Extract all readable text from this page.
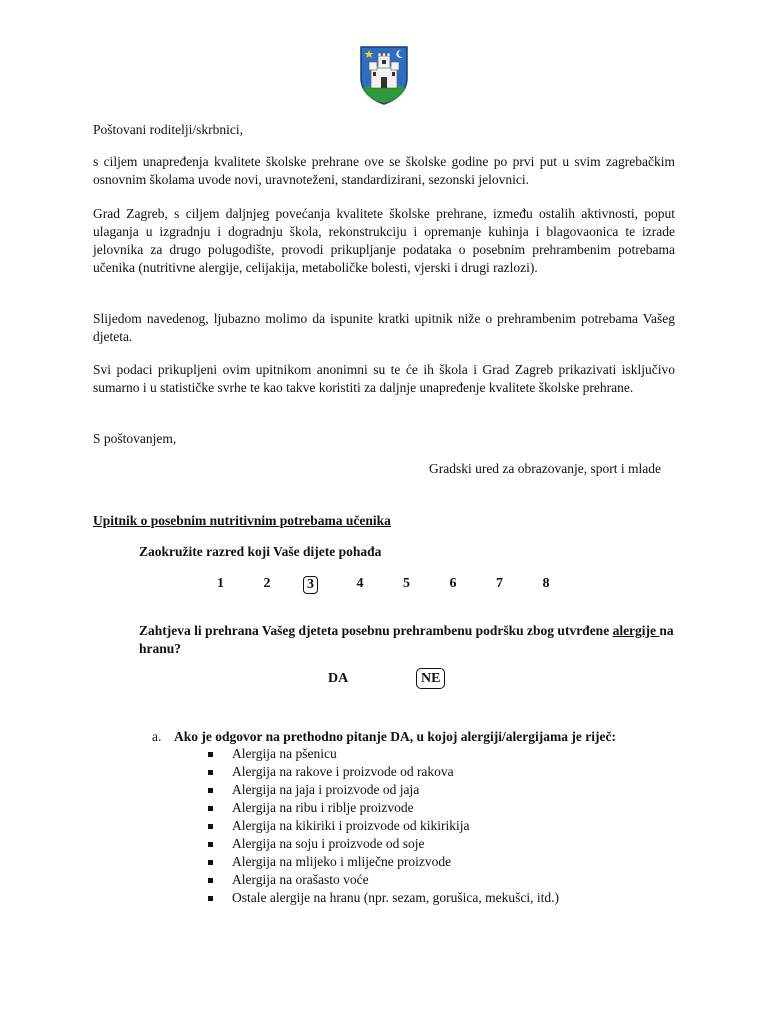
Poštovani roditelji/skrbnici,

s ciljem unapređenja kvalitete školske prehrane ove se školske godine po prvi put u svim zagrebačkim osnovnim školama uvode novi, uravnoteženi, standardizirani, sezonski jelovnici.

Grad Zagreb, s ciljem daljnjeg povećanja kvalitete školske prehrane, između ostalih aktivnosti, poput ulaganja u izgradnju i dogradnju škola, rekonstrukciju i opremanje kuhinja i blagovaonica te izrade jelovnika za drugo polugodište, provodi prikupljanje podataka o posebnim prehrambenim potrebama učenika (nutritivne alergije, celijakija, metaboličke bolesti, vjerski i drugi razlozi).

Slijedom navedenog, ljubazno molimo da ispunite kratki upitnik niže o prehrambenim potrebama Vašeg djeteta.

Svi podaci prikupljeni ovim upitnikom anonimni su te će ih škola i Grad Zagreb prikazivati isključivo sumarno i u statističke svrhe te kao takve koristiti za daljnje unapređenje kvalitete školske prehrane.

S poštovanjem,

Gradski ured za obrazovanje, sport i mlade

Upitnik o posebnim nutritivnim potrebama učenika

Zaokružite razred koji Vaše dijete pohađa

1	2	3	4	5	6	7	8

Zahtjeva li prehrana Vašeg djeteta posebnu prehrambenu podršku zbog utvrđene alergije na hranu?

DA	NE

a. Ako je odgovor na prethodno pitanje DA, u kojoj alergiji/alergijama je riječ:

Alergija na pšenicu
Alergija na rakove i proizvode od rakova
Alergija na jaja i proizvode od jaja
Alergija na ribu i riblje proizvode
Alergija na kikiriki i proizvode od kikirikija
Alergija na soju i proizvode od soje
Alergija na mlijeko i mliječne proizvode
Alergija na orašasto voće
Ostale alergije na hranu (npr. sezam, gorušica, mekušci, itd.)
